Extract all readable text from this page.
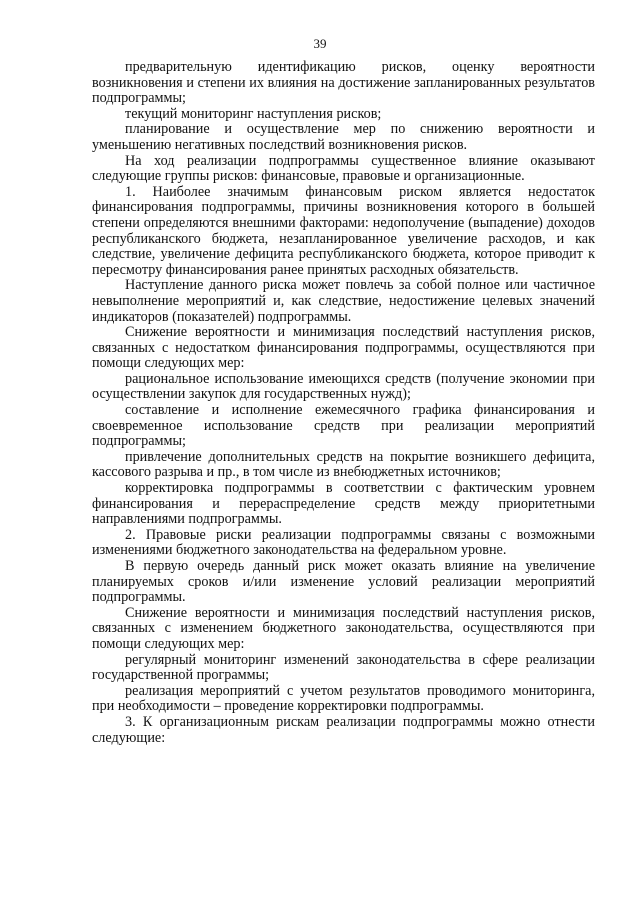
39

предварительную идентификацию рисков, оценку вероятности возникновения и степени их влияния на достижение запланированных результатов подпрограммы;

текущий мониторинг наступления рисков;

планирование и осуществление мер по снижению вероятности и уменьшению негативных последствий возникновения рисков.

На ход реализации подпрограммы существенное влияние оказывают следующие группы рисков: финансовые, правовые и организационные.

1. Наиболее значимым финансовым риском является недостаток финансирования подпрограммы, причины возникновения которого в большей степени определяются внешними факторами: недополучение (выпадение) доходов республиканского бюджета, незапланированное увеличение расходов, и как следствие, увеличение дефицита республиканского бюджета, которое приводит к пересмотру финансирования ранее принятых расходных обязательств.

Наступление данного риска может повлечь за собой полное или частичное невыполнение мероприятий и, как следствие, недостижение целевых значений индикаторов (показателей) подпрограммы.

Снижение вероятности и минимизация последствий наступления рисков, связанных с недостатком финансирования подпрограммы, осуществляются при помощи следующих мер:

рациональное использование имеющихся средств (получение экономии при осуществлении закупок для государственных нужд);

составление и исполнение ежемесячного графика финансирования и своевременное использование средств при реализации мероприятий подпрограммы;

привлечение дополнительных средств на покрытие возникшего дефицита, кассового разрыва и пр., в том числе из внебюджетных источников;

корректировка подпрограммы в соответствии с фактическим уровнем финансирования и перераспределение средств между приоритетными направлениями подпрограммы.

2. Правовые риски реализации подпрограммы связаны с возможными изменениями бюджетного законодательства на федеральном уровне.

В первую очередь данный риск может оказать влияние на увеличение планируемых сроков и/или изменение условий реализации мероприятий подпрограммы.

Снижение вероятности и минимизация последствий наступления рисков, связанных с изменением бюджетного законодательства, осуществляются при помощи следующих мер:

регулярный мониторинг изменений законодательства в сфере реализации государственной программы;

реализация мероприятий с учетом результатов проводимого мониторинга, при необходимости – проведение корректировки подпрограммы.

3. К организационным рискам реализации подпрограммы можно отнести следующие:
